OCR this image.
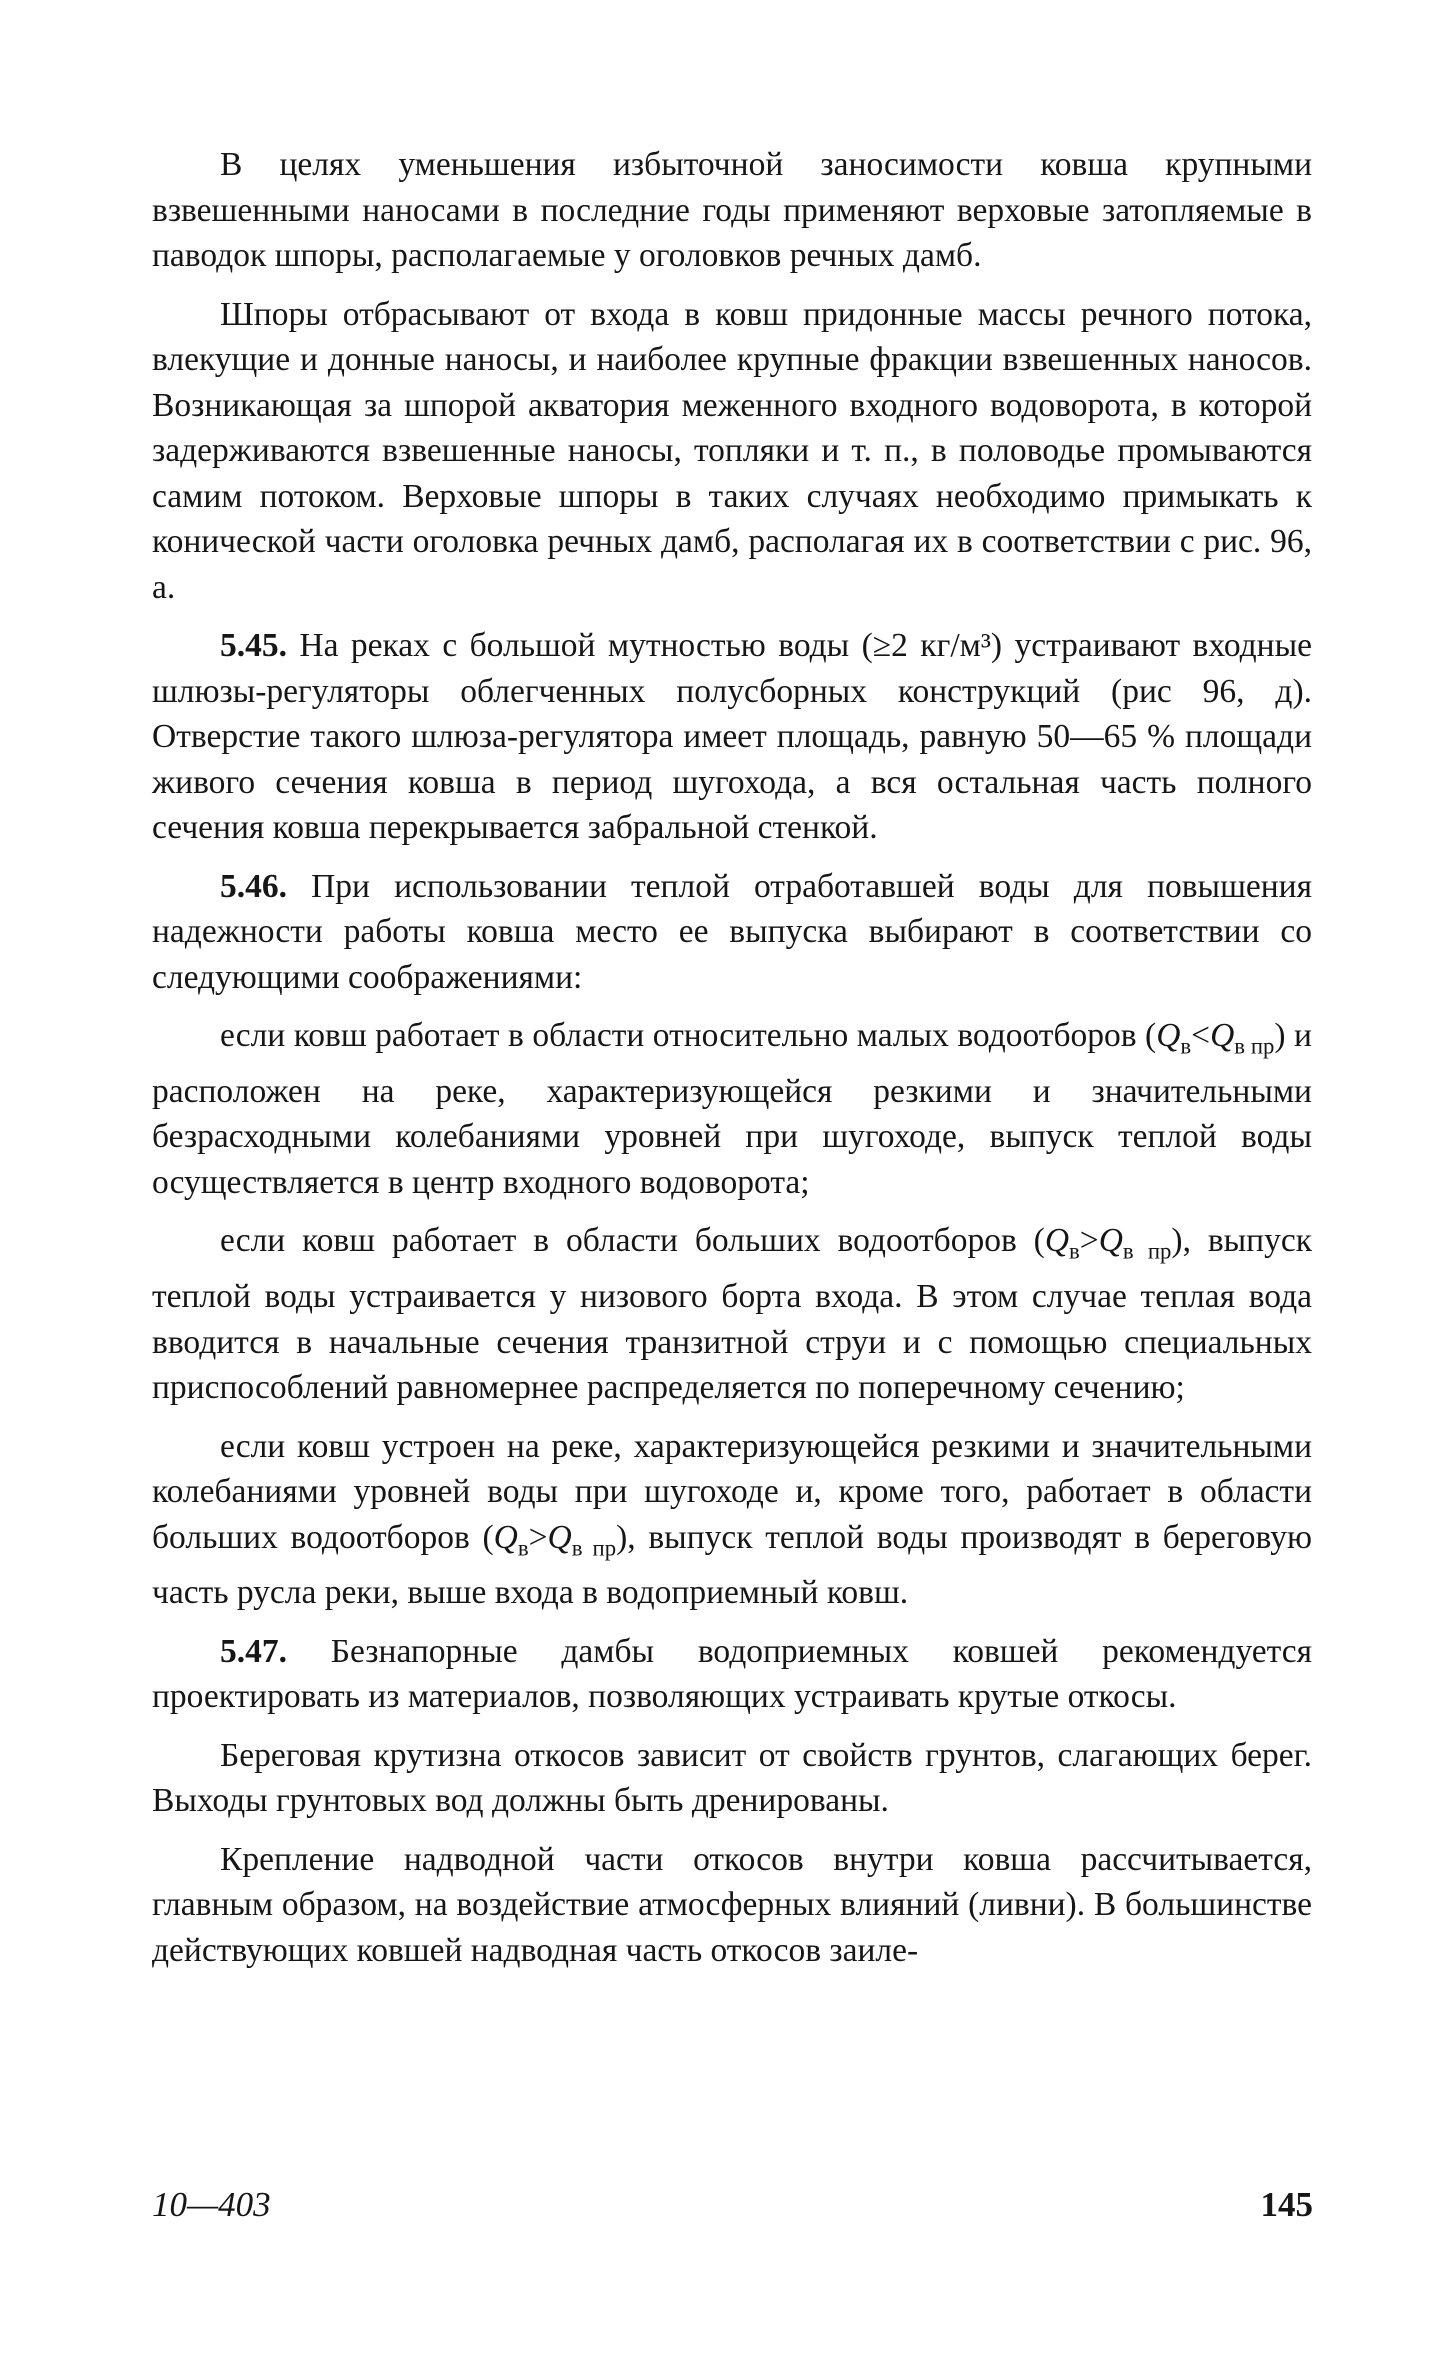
В целях уменьшения избыточной заносимости ковша крупными взвешенными наносами в последние годы применяют верховые затопляемые в паводок шпоры, располагаемые у оголовков речных дамб.

Шпоры отбрасывают от входа в ковш придонные массы речного потока, влекущие и донные наносы, и наиболее крупные фракции взвешенных наносов. Возникающая за шпорой акватория меженного входного водоворота, в которой задерживаются взвешенные наносы, топляки и т. п., в половодье промываются самим потоком. Верховые шпоры в таких случаях необходимо примыкать к конической части оголовка речных дамб, располагая их в соответствии с рис. 96, а.

5.45. На реках с большой мутностью воды (≥2 кг/м³) устраивают входные шлюзы-регуляторы облегченных полусборных конструкций (рис 96, д). Отверстие такого шлюза-регулятора имеет площадь, равную 50—65 % площади живого сечения ковша в период шугохода, а вся остальная часть полного сечения ковша перекрывается забральной стенкой.

5.46. При использовании теплой отработавшей воды для повышения надежности работы ковша место ее выпуска выбирают в соответствии со следующими соображениями:

если ковш работает в области относительно малых водоотборов $(Q_в<Q_{в пр})$ и расположен на реке, характеризующейся резкими и значительными безрасходными колебаниями уровней при шугоходе, выпуск теплой воды осуществляется в центр входного водоворота;

если ковш работает в области больших водоотборов $(Q_в>Q_{в пр})$, выпуск теплой воды устраивается у низового борта входа. В этом случае теплая вода вводится в начальные сечения транзитной струи и с помощью специальных приспособлений равномернее распределяется по поперечному сечению;

если ковш устроен на реке, характеризующейся резкими и значительными колебаниями уровней воды при шугоходе и, кроме того, работает в области больших водоотборов $(Q_в>Q_{в пр})$, выпуск теплой воды производят в береговую часть русла реки, выше входа в водоприемный ковш.

5.47. Безнапорные дамбы водоприемных ковшей рекомендуется проектировать из материалов, позволяющих устраивать крутые откосы.

Береговая крутизна откосов зависит от свойств грунтов, слагающих берег. Выходы грунтовых вод должны быть дренированы.

Крепление надводной части откосов внутри ковша рассчитывается, главным образом, на воздействие атмосферных влияний (ливни). В большинстве действующих ковшей надводная часть откосов заиле-

10—403	145
